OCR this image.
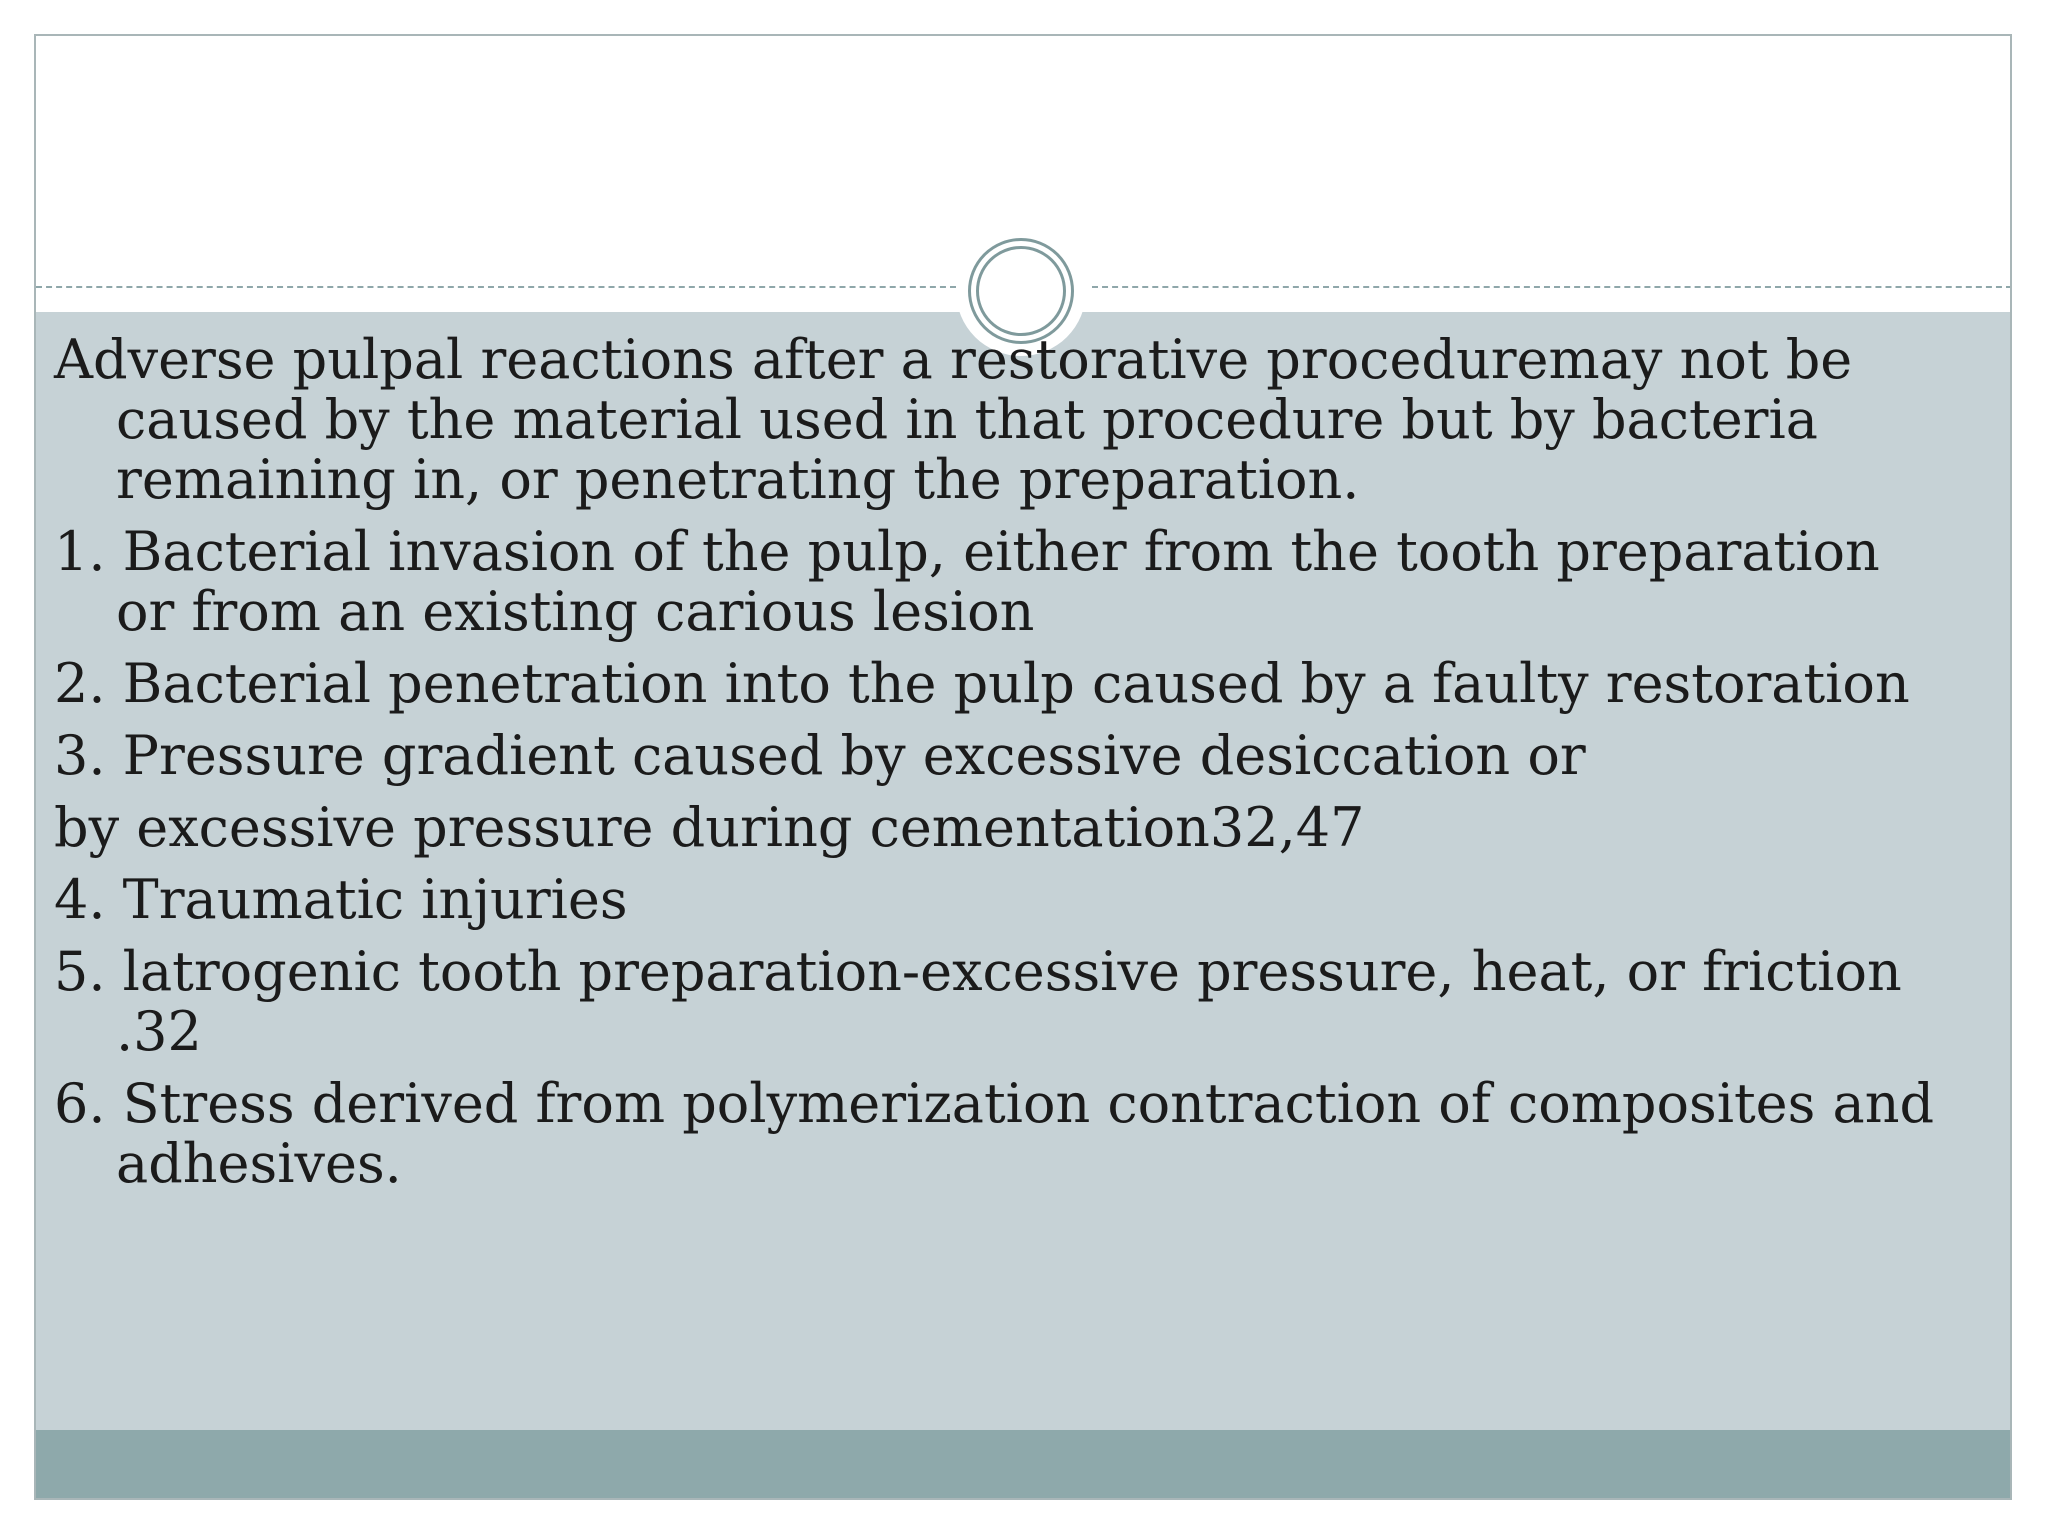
Adverse pulpal reactions after a restorative proceduremay not be caused by the material used in that procedure but by bacteria remaining in, or penetrating the preparation.

1. Bacterial invasion of the pulp, either from the tooth preparation or from an existing carious lesion

2. Bacterial penetration into the pulp caused by a faulty restoration

3. Pressure gradient caused by excessive desiccation or

by excessive pressure during cementation32,47

4. Traumatic injuries

5. latrogenic tooth preparation-excessive pressure, heat, or friction .32

6. Stress derived from polymerization contraction of composites and adhesives.
